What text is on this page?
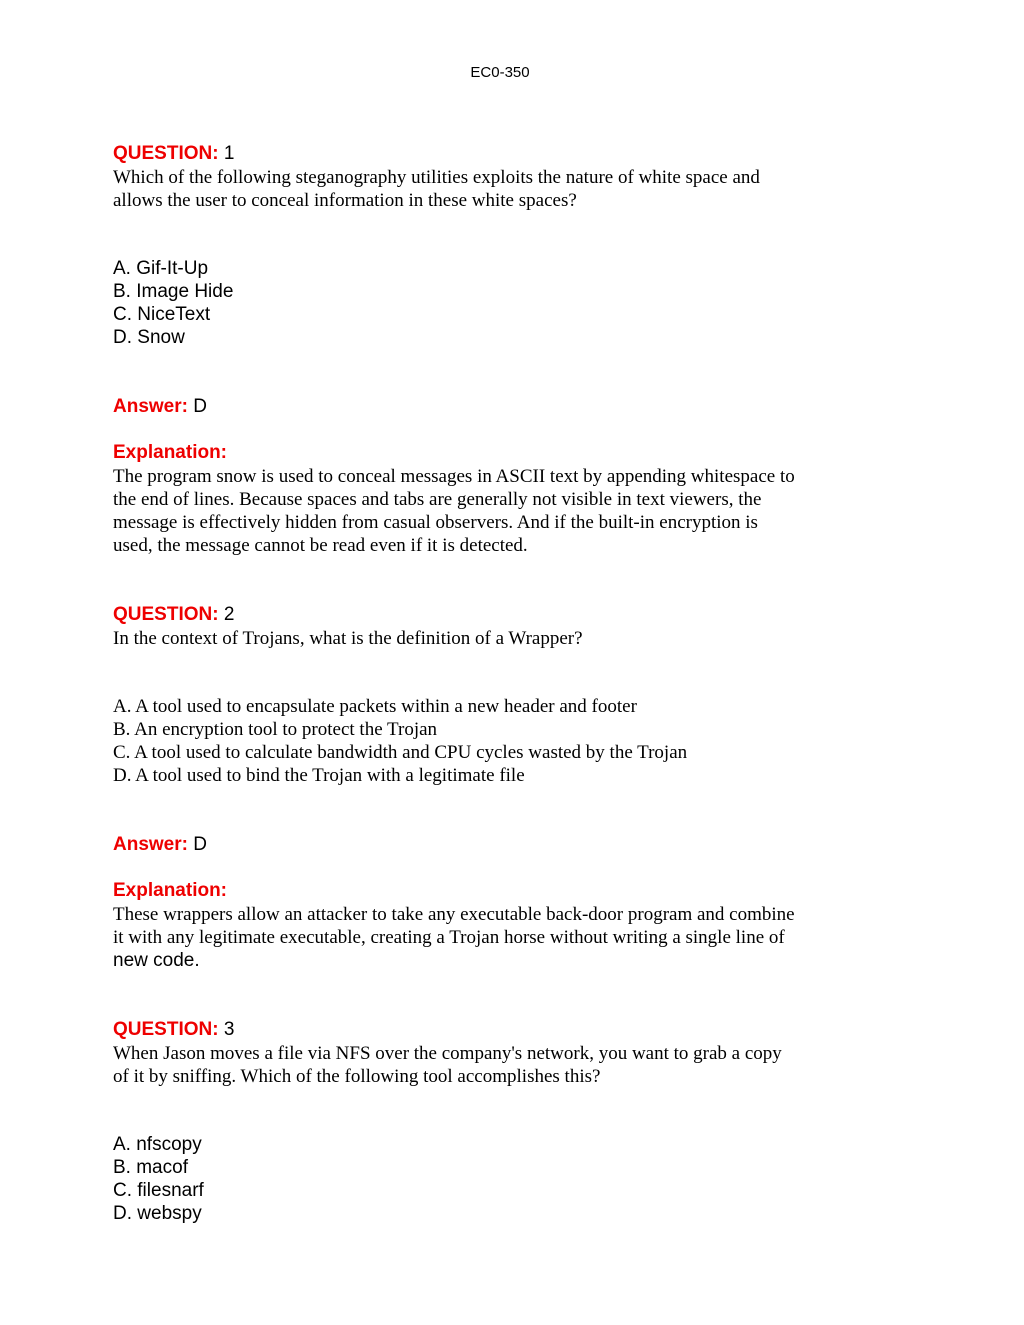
EC0-350

QUESTION: 1

Which of the following steganography utilities exploits the nature of white space and

allows the user to conceal information in these white spaces?

A. Gif-It-Up
B. Image Hide
C. NiceText
D. Snow

Answer: D

Explanation:

The program snow is used to conceal messages in ASCII text by appending whitespace to

the end of lines. Because spaces and tabs are generally not visible in text viewers, the

message is effectively hidden from casual observers. And if the built-in encryption is

used, the message cannot be read even if it is detected.

QUESTION: 2

In the context of Trojans, what is the definition of a Wrapper?

A. A tool used to encapsulate packets within a new header and footer
B. An encryption tool to protect the Trojan
C. A tool used to calculate bandwidth and CPU cycles wasted by the Trojan
D. A tool used to bind the Trojan with a legitimate file

Answer: D

Explanation:

These wrappers allow an attacker to take any executable back-door program and combine

it with any legitimate executable, creating a Trojan horse without writing a single line of

new code.

QUESTION: 3

When Jason moves a file via NFS over the company's network, you want to grab a copy

of it by sniffing. Which of the following tool accomplishes this?

A. nfscopy
B. macof
C. filesnarf
D. webspy
